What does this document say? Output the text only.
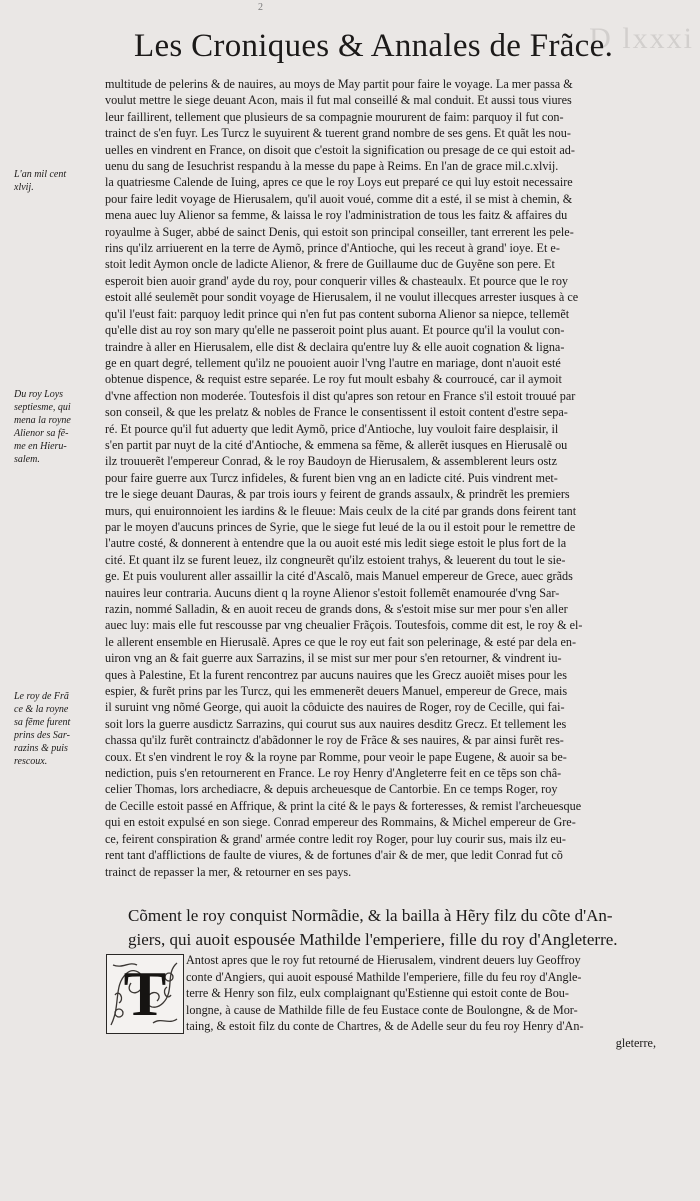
D lxxxi
2
Les Croniques & Annales de Frãce.
L'an mil cent
xlvij.
Du roy Loys
septiesme, qui
mena la royne
Alienor sa fẽ-
me en Hieru-
salem.
Le roy de Frã
ce & la royne
sa fẽme furent
prins des Sar-
razins & puis
rescoux.
multitude de pelerins & de nauires, au moys de May partit pour faire le voyage. La mer passa &
voulut mettre le siege deuant Acon, mais il fut mal conseillé & mal conduit. Et aussi tous viures
leur faillirent, tellement que plusieurs de sa compagnie moururent de faim: parquoy il fut con-
trainct de s'en fuyr. Les Turcz le suyuirent & tuerent grand nombre de ses gens. Et quãt les nou-
uelles en vindrent en France, on disoit que c'estoit la signification ou presage de ce qui estoit ad-
uenu du sang de Iesuchrist respandu à la messe du pape à Reims. En l'an de grace mil.c.xlvij.
la quatriesme Calende de Iuing, apres ce que le roy Loys eut preparé ce qui luy estoit necessaire
pour faire ledit voyage de Hierusalem, qu'il auoit voué, comme dit a esté, il se mist à chemin, &
mena auec luy Alienor sa femme, & laissa le roy l'administration de tous les faitz & affaires du
royaulme à Suger, abbé de sainct Denis, qui estoit son principal conseiller, tant errerent les pele-
rins qu'ilz arriuerent en la terre de Aymõ, prince d'Antioche, qui les receut à grand' ioye. Et e-
stoit ledit Aymon oncle de ladicte Alienor, & frere de Guillaume duc de Guyẽne son pere. Et
esperoit bien auoir grand' ayde du roy, pour conquerir villes & chasteaulx. Et pource que le roy
estoit allé seulemẽt pour sondit voyage de Hierusalem, il ne voulut illecques arrester iusques à ce
qu'il l'eust fait: parquoy ledit prince qui n'en fut pas content suborna Alienor sa niepce, tellemẽt
qu'elle dist au roy son mary qu'elle ne passeroit point plus auant. Et pource qu'il la voulut con-
traindre à aller en Hierusalem, elle dist & declaira qu'entre luy & elle auoit cognation & ligna-
ge en quart degré, tellement qu'ilz ne pouoient auoir l'vng l'autre en mariage, dont n'auoit esté
obtenue dispence, & requist estre separée. Le roy fut moult esbahy & courroucé, car il aymoit
d'vne affection non moderée. Toutesfois il dist qu'apres son retour en France s'il estoit trouué par
son conseil, & que les prelatz & nobles de France le consentissent il estoit content d'estre sepa-
ré. Et pource qu'il fut aduerty que ledit Aymõ, price d'Antioche, luy vouloit faire desplaisir, il
s'en partit par nuyt de la cité d'Antioche, & emmena sa fẽme, & allerẽt iusques en Hierusalẽ ou
ilz trouuerẽt l'empereur Conrad, & le roy Baudoyn de Hierusalem, & assemblerent leurs ostz
pour faire guerre aux Turcz infideles, & furent bien vng an en ladicte cité. Puis vindrent met-
tre le siege deuant Dauras, & par trois iours y feirent de grands assaulx, & prindrẽt les premiers
murs, qui enuironnoient les iardins & le fleuue: Mais ceulx de la cité par grands dons feirent tant
par le moyen d'aucuns princes de Syrie, que le siege fut leué de la ou il estoit pour le remettre de
l'autre costé, & donnerent à entendre que la ou auoit esté mis ledit siege estoit le plus fort de la
cité. Et quant ilz se furent leuez, ilz congneurẽt qu'ilz estoient trahys, & leuerent du tout le sie-
ge. Et puis voulurent aller assaillir la cité d'Ascalõ, mais Manuel empereur de Grece, auec grãds
nauires leur contraria. Aucuns dient q la royne Alienor s'estoit follemẽt enamourée d'vng Sar-
razin, nommé Salladin, & en auoit receu de grands dons, & s'estoit mise sur mer pour s'en aller
auec luy: mais elle fut rescousse par vng cheualier Frãçois. Toutesfois, comme dit est, le roy & el-
le allerent ensemble en Hierusalẽ. Apres ce que le roy eut fait son pelerinage, & esté par dela en-
uiron vng an & fait guerre aux Sarrazins, il se mist sur mer pour s'en retourner, & vindrent iu-
ques à Palestine, Et la furent rencontrez par aucuns nauires que les Grecz auoiẽt mises pour les
espier, & furẽt prins par les Turcz, qui les emmenerẽt deuers Manuel, empereur de Grece, mais
il suruint vng nõmé George, qui auoit la côduicte des nauires de Roger, roy de Cecille, qui fai-
soit lors la guerre ausdictz Sarrazins, qui courut sus aux nauires desditz Grecz. Et tellement les
chassa qu'ilz furẽt contrainctz d'abãdonner le roy de Frãce & ses nauires, & par ainsi furẽt res-
coux. Et s'en vindrent le roy & la royne par Romme, pour veoir le pape Eugene, & auoir sa be-
nediction, puis s'en retournerent en France. Le roy Henry d'Angleterre feit en ce tẽps son châ-
celier Thomas, lors archediacre, & depuis archeuesque de Cantorbie. En ce temps Roger, roy
de Cecille estoit passé en Affrique, & print la cité & le pays & forteresses, & remist l'archeuesque
qui en estoit expulsé en son siege. Conrad empereur des Rommains, & Michel empereur de Gre-
ce, feirent conspiration & grand' armée contre ledit roy Roger, pour luy courir sus, mais ilz eu-
rent tant d'afflictions de faulte de viures, & de fortunes d'air & de mer, que ledit Conrad fut cõ
trainct de repasser la mer, & retourner en ses pays.
Cõment le roy conquist Normãdie, & la bailla à Hẽry filz du cõte d'An-
giers, qui auoit espousée Mathilde l'emperiere, fille du roy d'Angleterre.
T	Antost apres que le roy fut retourné de Hierusalem, vindrent deuers luy Geoffroy
conte d'Angiers, qui auoit espousé Mathilde l'emperiere, fille du feu roy d'Angle-
terre & Henry son filz, eulx complaignant qu'Estienne qui estoit conte de Bou-
longne, à cause de Mathilde fille de feu Eustace conte de Boulongne, & de Mor-
taing, & estoit filz du conte de Chartres, & de Adelle seur du feu roy Henry d'An-
gleterre,
